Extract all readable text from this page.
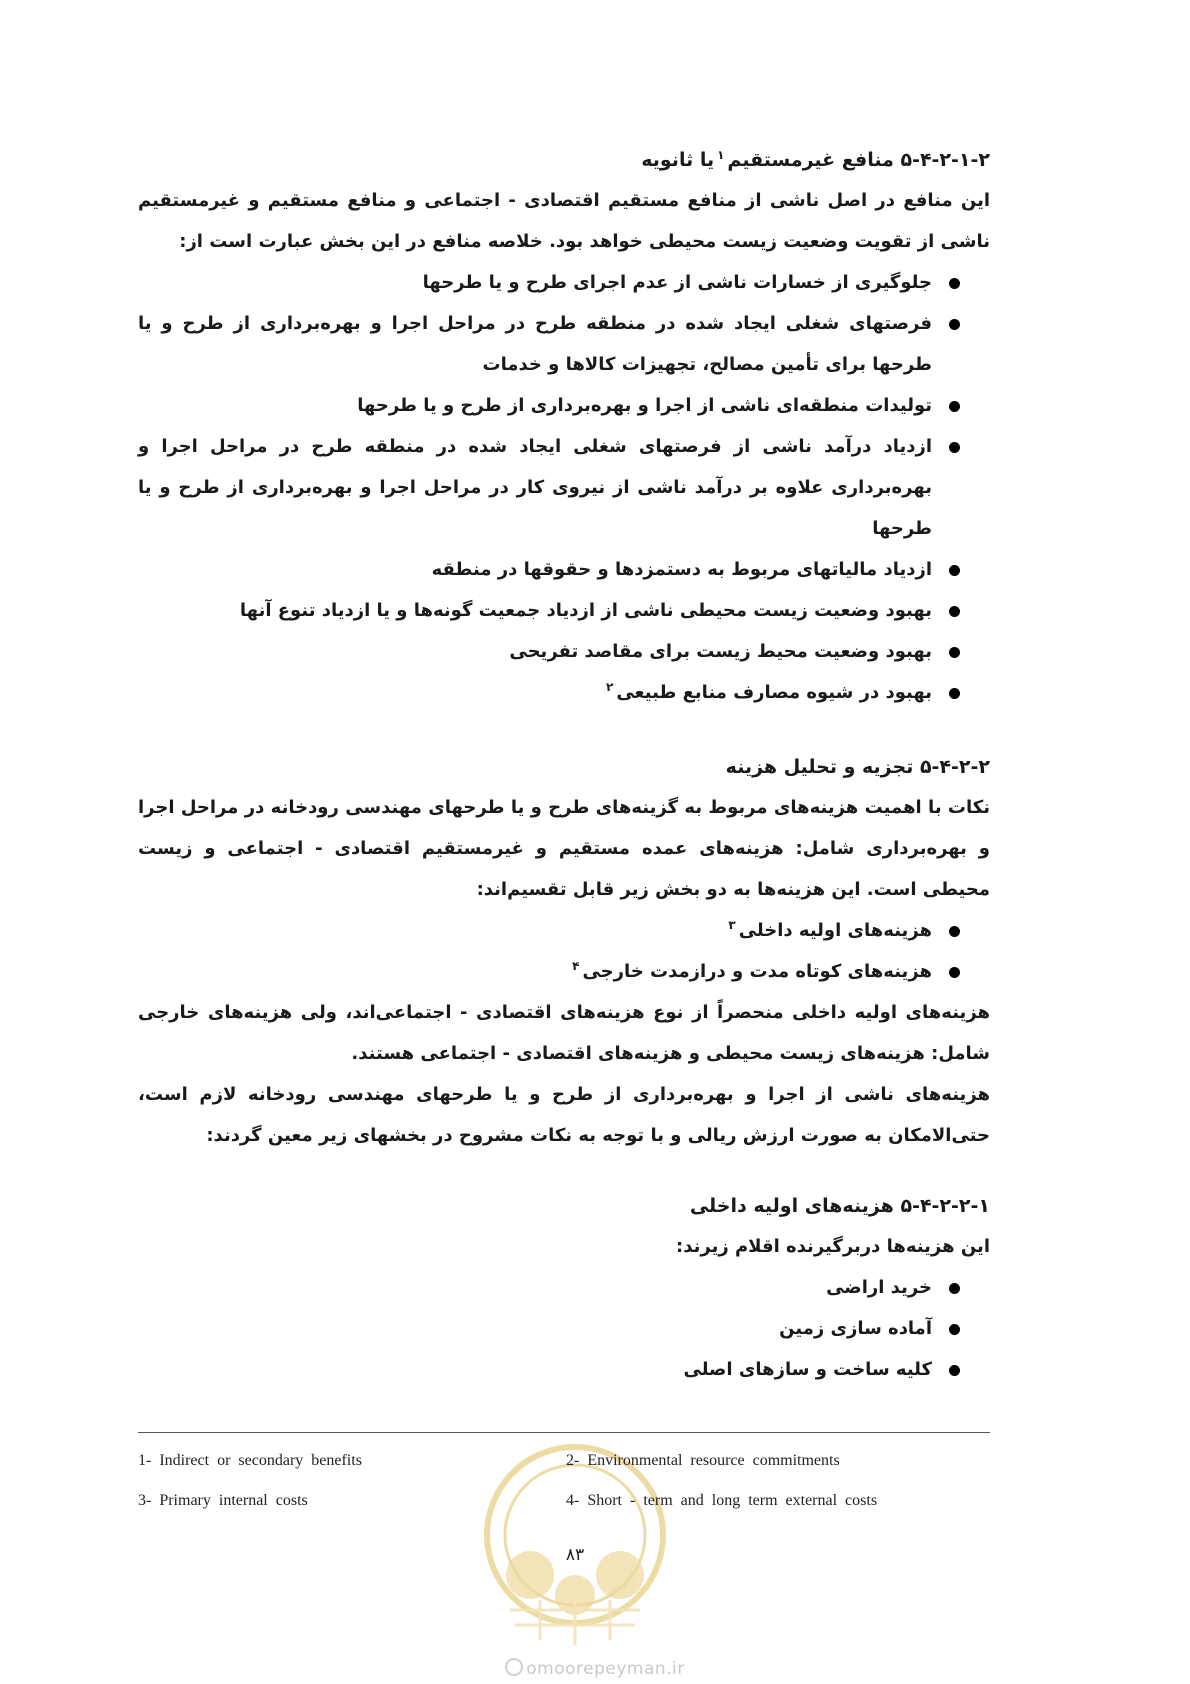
۵-۴-۲-۱-۲ منافع غیرمستقیم$^۱$یا ثانویه

این منافع در اصل ناشی از منافع مستقیم اقتصادی - اجتماعی و منافع مستقیم و غیرمستقیم ناشی از تقویت وضعیت زیست محیطی خواهد بود. خلاصه منافع در این بخش عبارت است از:

جلوگیری از خسارات ناشی از عدم اجرای طرح و یا طرحها
فرصتهای شغلی ایجاد شده در منطقه طرح در مراحل اجرا و بهره‌برداری از طرح و یا طرحها برای تأمین مصالح، تجهیزات کالاها و خدمات
تولیدات منطقه‌ای ناشی از اجرا و بهره‌برداری از طرح و یا طرحها
ازدیاد درآمد ناشی از فرصتهای شغلی ایجاد شده در منطقه طرح در مراحل اجرا و بهره‌برداری علاوه بر درآمد ناشی از نیروی کار در مراحل اجرا و بهره‌برداری از طرح و یا طرحها
ازدیاد مالیاتهای مربوط به دستمزدها و حقوقها در منطقه
بهبود وضعیت زیست محیطی ناشی از ازدیاد جمعیت گونه‌ها و یا ازدیاد تنوع آنها
بهبود وضعیت محیط زیست برای مقاصد تفریحی
بهبود در شیوه مصارف منابع طبیعی$^۲$
۵-۴-۲-۲ تجزیه و تحلیل هزینه

نکات با اهمیت هزینه‌های مربوط به گزینه‌های طرح و یا طرحهای مهندسی رودخانه در مراحل اجرا و بهره‌برداری شامل: هزینه‌های عمده مستقیم و غیرمستقیم اقتصادی - اجتماعی و زیست محیطی است. این هزینه‌ها به دو بخش زیر قابل تقسیم‌اند:

هزینه‌های اولیه داخلی$^۳$
هزینه‌های کوتاه مدت و درازمدت خارجی$^۴$

هزینه‌های اولیه داخلی منحصراً از نوع هزینه‌های اقتصادی - اجتماعی‌اند، ولی هزینه‌های خارجی شامل: هزینه‌های زیست محیطی و هزینه‌های اقتصادی - اجتماعی هستند.

هزینه‌های ناشی از اجرا و بهره‌برداری از طرح و یا طرحهای مهندسی رودخانه لازم است، حتی‌الامکان به صورت ارزش ریالی و با توجه به نکات مشروح در بخشهای زیر معین گردند:

۵-۴-۲-۲-۱ هزینه‌های اولیه داخلی

این هزینه‌ها دربرگیرنده اقلام زیرند:

خرید اراضی
آماده سازی زمین
کلیه ساخت و سازهای اصلی
1- Indirect or secondary benefits	2- Environmental resource commitments
3- Primary internal costs	4- Short - term and long term external costs
۸۳
omoorepeyman.ir
